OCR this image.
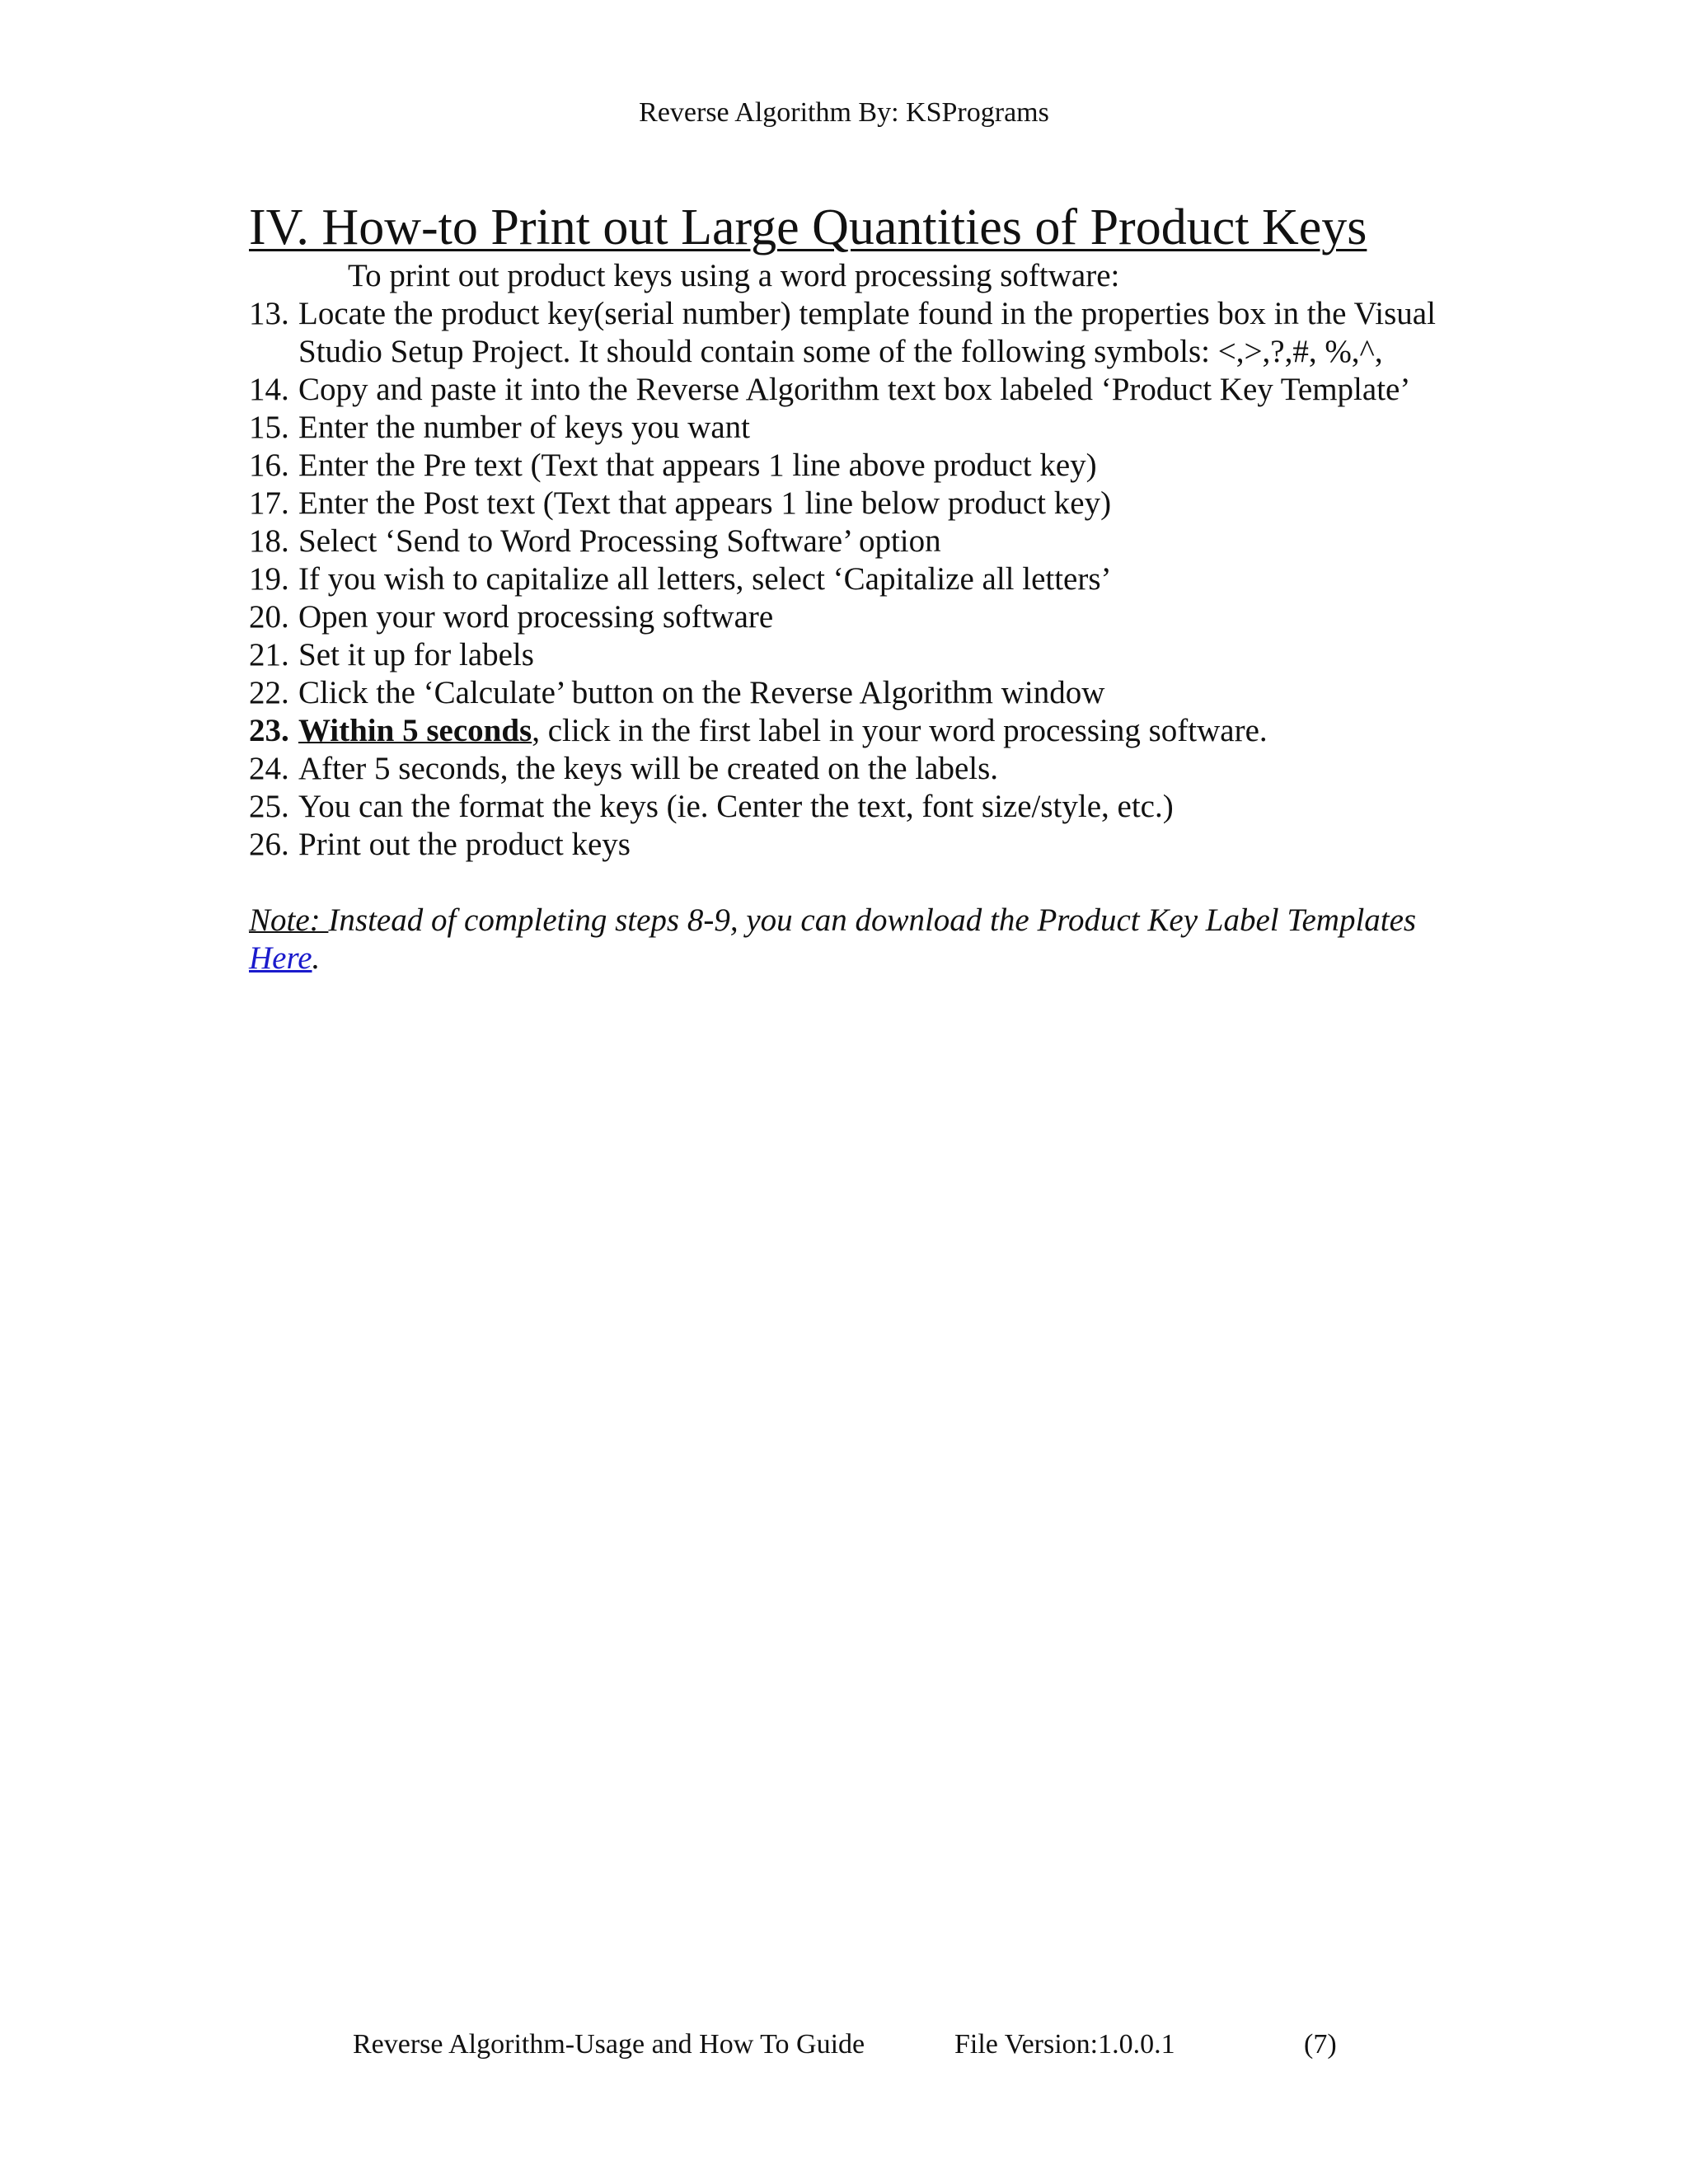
Reverse Algorithm By: KSPrograms
IV. How-to Print out Large Quantities of Product Keys

To print out product keys using a word processing software:

13. Locate the product key(serial number) template found in the properties box in the Visual Studio Setup Project. It should contain some of the following symbols: <,>,?,#, %,^,
14. Copy and paste it into the Reverse Algorithm text box labeled ‘Product Key Template’
15. Enter the number of keys you want
16. Enter the Pre text (Text that appears 1 line above product key)
17. Enter the Post text (Text that appears 1 line below product key)
18. Select ‘Send to Word Processing Software’ option
19. If you wish to capitalize all letters, select ‘Capitalize all letters’
20. Open your word processing software
21. Set it up for labels
22. Click the ‘Calculate’ button on the Reverse Algorithm window
23. Within 5 seconds, click in the first label in your word processing software.
24. After 5 seconds, the keys will be created on the labels.
25. You can the format the keys (ie. Center the text, font size/style, etc.)
26. Print out the product keys

Note: Instead of completing steps 8-9, you can download the Product Key Label Templates Here.

Reverse Algorithm-Usage and How To Guide	File Version:1.0.0.1	(7)
